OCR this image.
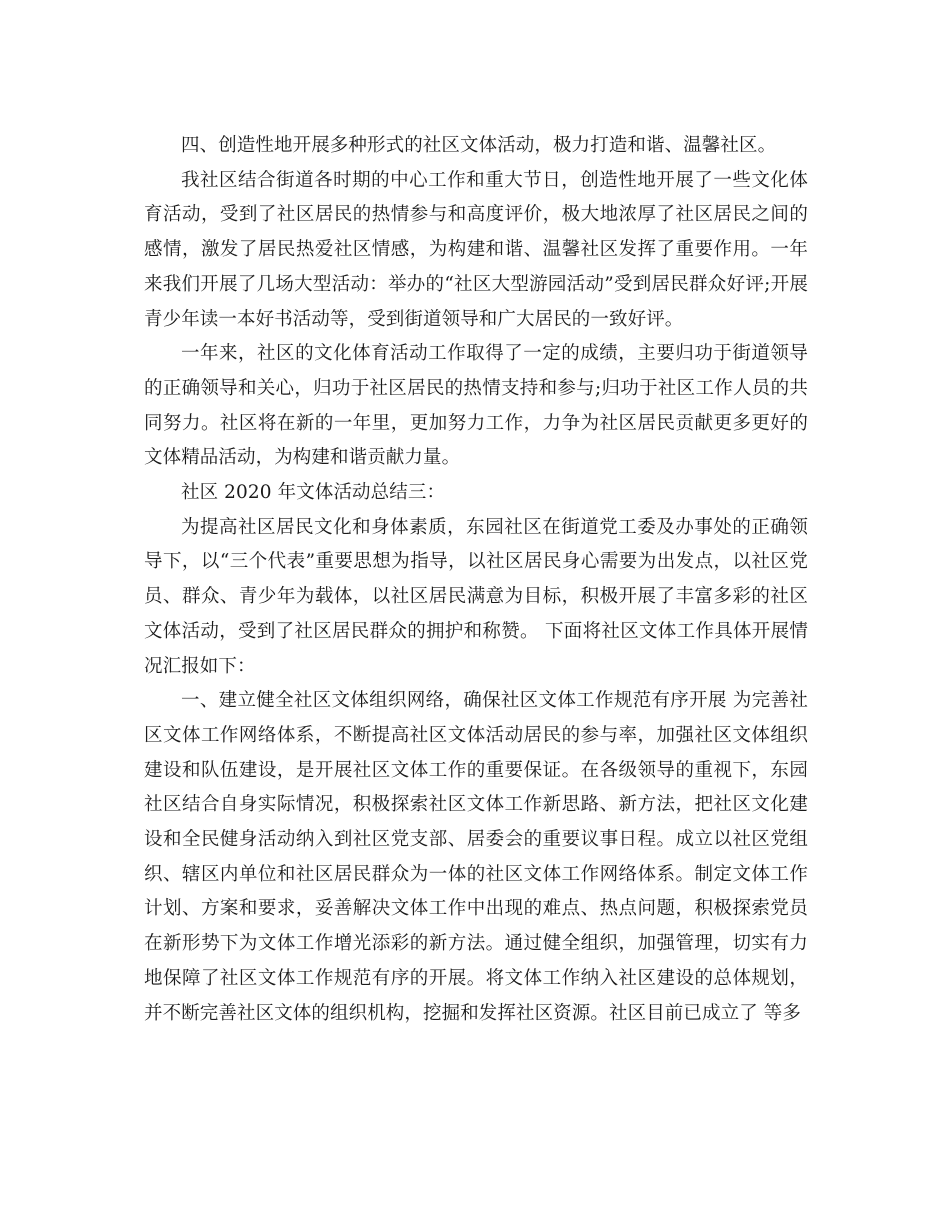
四、创造性地开展多种形式的社区文体活动，极力打造和谐、温馨社区。

我社区结合街道各时期的中心工作和重大节日，创造性地开展了一些文化体育活动，受到了社区居民的热情参与和高度评价，极大地浓厚了社区居民之间的感情，激发了居民热爱社区情感，为构建和谐、温馨社区发挥了重要作用。一年来我们开展了几场大型活动：举办的“社区大型游园活动”受到居民群众好评;开展青少年读一本好书活动等，受到街道领导和广大居民的一致好评。

一年来，社区的文化体育活动工作取得了一定的成绩，主要归功于街道领导的正确领导和关心，归功于社区居民的热情支持和参与;归功于社区工作人员的共同努力。社区将在新的一年里，更加努力工作，力争为社区居民贡献更多更好的文体精品活动，为构建和谐贡献力量。

社区 2020 年文体活动总结三：

为提高社区居民文化和身体素质，东园社区在街道党工委及办事处的正确领导下，以“三个代表”重要思想为指导，以社区居民身心需要为出发点，以社区党员、群众、青少年为载体，以社区居民满意为目标，积极开展了丰富多彩的社区文体活动，受到了社区居民群众的拥护和称赞。 下面将社区文体工作具体开展情况汇报如下：

一、建立健全社区文体组织网络，确保社区文体工作规范有序开展 为完善社区文体工作网络体系，不断提高社区文体活动居民的参与率，加强社区文体组织建设和队伍建设，是开展社区文体工作的重要保证。在各级领导的重视下，东园社区结合自身实际情况，积极探索社区文体工作新思路、新方法，把社区文化建设和全民健身活动纳入到社区党支部、居委会的重要议事日程。成立以社区党组织、辖区内单位和社区居民群众为一体的社区文体工作网络体系。制定文体工作计划、方案和要求，妥善解决文体工作中出现的难点、热点问题，积极探索党员在新形势下为文体工作增光添彩的新方法。通过健全组织，加强管理，切实有力地保障了社区文体工作规范有序的开展。将文体工作纳入社区建设的总体规划，并不断完善社区文体的组织机构，挖掘和发挥社区资源。社区目前已成立了 等多
